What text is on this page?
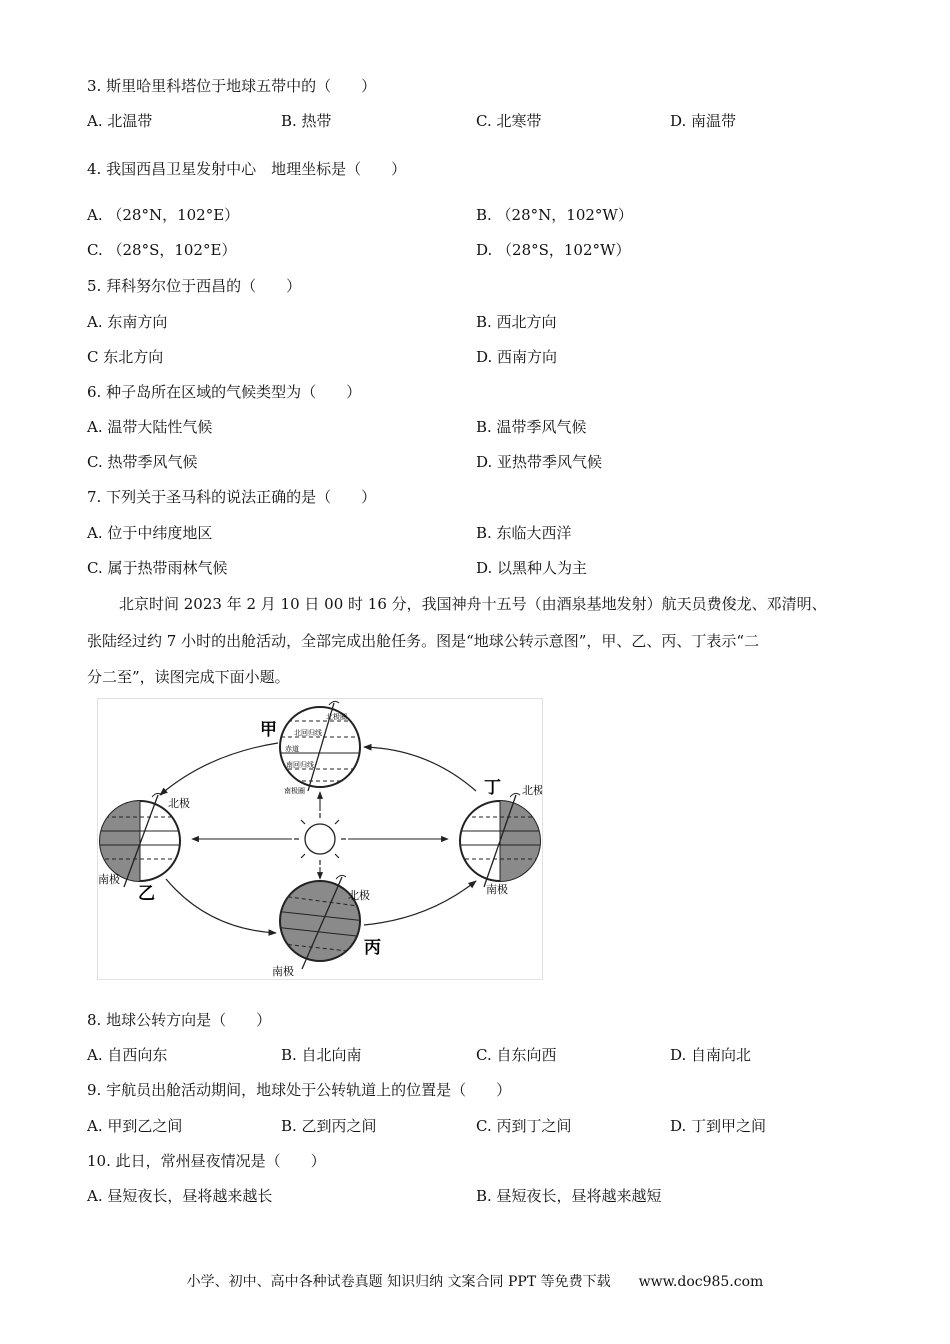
3. 斯里哈里科塔位于地球五带中的（　　）
A. 北温带	B. 热带	C. 北寒带	D. 南温带
4. 我国西昌卫星发射中心　地理坐标是（　　）
A. （28°N，102°E）	B. （28°N，102°W）
C. （28°S，102°E）	D. （28°S，102°W）
5. 拜科努尔位于西昌的（　　）
A. 东南方向	B. 西北方向
C 东北方向	D. 西南方向
6. 种子岛所在区域的气候类型为（　　）
A. 温带大陆性气候	B. 温带季风气候
C. 热带季风气候	D. 亚热带季风气候
7. 下列关于圣马科的说法正确的是（　　）
A. 位于中纬度地区	B. 东临大西洋
C. 属于热带雨林气候	D. 以黑种人为主
北京时间 2023 年 2 月 10 日 00 时 16 分，我国神舟十五号（由酒泉基地发射）航天员费俊龙、邓清明、
张陆经过约 7 小时的出舱活动，全部完成出舱任务。图是“地球公转示意图”，甲、乙、丙、丁表示“二
分二至”，读图完成下面小题。
北极圈
北回归线
赤道
南回归线
南极圈
甲
北极
南极
乙	北极
南极
丙
北极
南极
丁
8. 地球公转方向是（　　）
A. 自西向东	B. 自北向南	C. 自东向西	D. 自南向北
9. 宇航员出舱活动期间，地球处于公转轨道上的位置是（　　）
A. 甲到乙之间	B. 乙到丙之间	C. 丙到丁之间	D. 丁到甲之间
10. 此日，常州昼夜情况是（　　）
A. 昼短夜长，昼将越来越长	B. 昼短夜长，昼将越来越短
小学、初中、高中各种试卷真题 知识归纳 文案合同 PPT 等免费下载　　www.doc985.com
